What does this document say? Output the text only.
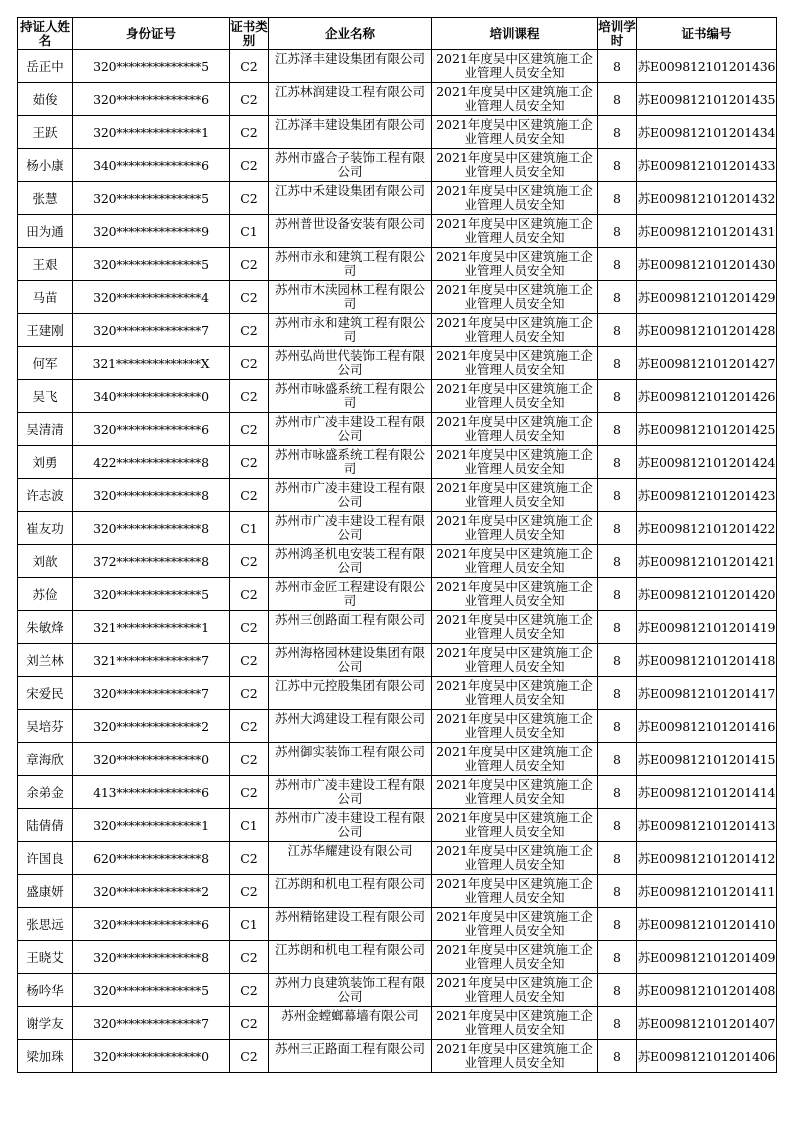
持证人姓名	身份证号	证书类别	企业名称	培训课程	培训学时	证书编号
岳正中	320**************5	C2	江苏泽丰建设集团有限公司	2021年度吴中区建筑施工企业管理人员安全知	8	苏E009812101201436
茹俊	320**************6	C2	江苏林润建设工程有限公司	2021年度吴中区建筑施工企业管理人员安全知	8	苏E009812101201435
王跃	320**************1	C2	江苏泽丰建设集团有限公司	2021年度吴中区建筑施工企业管理人员安全知	8	苏E009812101201434
杨小康	340**************6	C2	苏州市盛合子装饰工程有限公司	2021年度吴中区建筑施工企业管理人员安全知	8	苏E009812101201433
张慧	320**************5	C2	江苏中禾建设集团有限公司	2021年度吴中区建筑施工企业管理人员安全知	8	苏E009812101201432
田为通	320**************9	C1	苏州普世设备安装有限公司	2021年度吴中区建筑施工企业管理人员安全知	8	苏E009812101201431
王艰	320**************5	C2	苏州市永和建筑工程有限公司	2021年度吴中区建筑施工企业管理人员安全知	8	苏E009812101201430
马苗	320**************4	C2	苏州市木渎园林工程有限公司	2021年度吴中区建筑施工企业管理人员安全知	8	苏E009812101201429
王建刚	320**************7	C2	苏州市永和建筑工程有限公司	2021年度吴中区建筑施工企业管理人员安全知	8	苏E009812101201428
何军	321**************X	C2	苏州弘尚世代装饰工程有限公司	2021年度吴中区建筑施工企业管理人员安全知	8	苏E009812101201427
吴飞	340**************0	C2	苏州市咏盛系统工程有限公司	2021年度吴中区建筑施工企业管理人员安全知	8	苏E009812101201426
吴清清	320**************6	C2	苏州市广凌丰建设工程有限公司	2021年度吴中区建筑施工企业管理人员安全知	8	苏E009812101201425
刘勇	422**************8	C2	苏州市咏盛系统工程有限公司	2021年度吴中区建筑施工企业管理人员安全知	8	苏E009812101201424
许志波	320**************8	C2	苏州市广凌丰建设工程有限公司	2021年度吴中区建筑施工企业管理人员安全知	8	苏E009812101201423
崔友功	320**************8	C1	苏州市广凌丰建设工程有限公司	2021年度吴中区建筑施工企业管理人员安全知	8	苏E009812101201422
刘歆	372**************8	C2	苏州鸿圣机电安装工程有限公司	2021年度吴中区建筑施工企业管理人员安全知	8	苏E009812101201421
苏俭	320**************5	C2	苏州市金匠工程建设有限公司	2021年度吴中区建筑施工企业管理人员安全知	8	苏E009812101201420
朱敏烽	321**************1	C2	苏州三创路面工程有限公司	2021年度吴中区建筑施工企业管理人员安全知	8	苏E009812101201419
刘兰林	321**************7	C2	苏州海格园林建设集团有限公司	2021年度吴中区建筑施工企业管理人员安全知	8	苏E009812101201418
宋爱民	320**************7	C2	江苏中元控股集团有限公司	2021年度吴中区建筑施工企业管理人员安全知	8	苏E009812101201417
吴培芬	320**************2	C2	苏州大鸿建设工程有限公司	2021年度吴中区建筑施工企业管理人员安全知	8	苏E009812101201416
章海欣	320**************0	C2	苏州御实装饰工程有限公司	2021年度吴中区建筑施工企业管理人员安全知	8	苏E009812101201415
余弟金	413**************6	C2	苏州市广凌丰建设工程有限公司	2021年度吴中区建筑施工企业管理人员安全知	8	苏E009812101201414
陆倩倩	320**************1	C1	苏州市广凌丰建设工程有限公司	2021年度吴中区建筑施工企业管理人员安全知	8	苏E009812101201413
许国良	620**************8	C2	江苏华耀建设有限公司	2021年度吴中区建筑施工企业管理人员安全知	8	苏E009812101201412
盛康妍	320**************2	C2	江苏朗和机电工程有限公司	2021年度吴中区建筑施工企业管理人员安全知	8	苏E009812101201411
张思远	320**************6	C1	苏州精铭建设工程有限公司	2021年度吴中区建筑施工企业管理人员安全知	8	苏E009812101201410
王晓艾	320**************8	C2	江苏朗和机电工程有限公司	2021年度吴中区建筑施工企业管理人员安全知	8	苏E009812101201409
杨吟华	320**************5	C2	苏州力良建筑装饰工程有限公司	2021年度吴中区建筑施工企业管理人员安全知	8	苏E009812101201408
谢学友	320**************7	C2	苏州金螳螂幕墙有限公司	2021年度吴中区建筑施工企业管理人员安全知	8	苏E009812101201407
梁加珠	320**************0	C2	苏州三正路面工程有限公司	2021年度吴中区建筑施工企业管理人员安全知	8	苏E009812101201406
